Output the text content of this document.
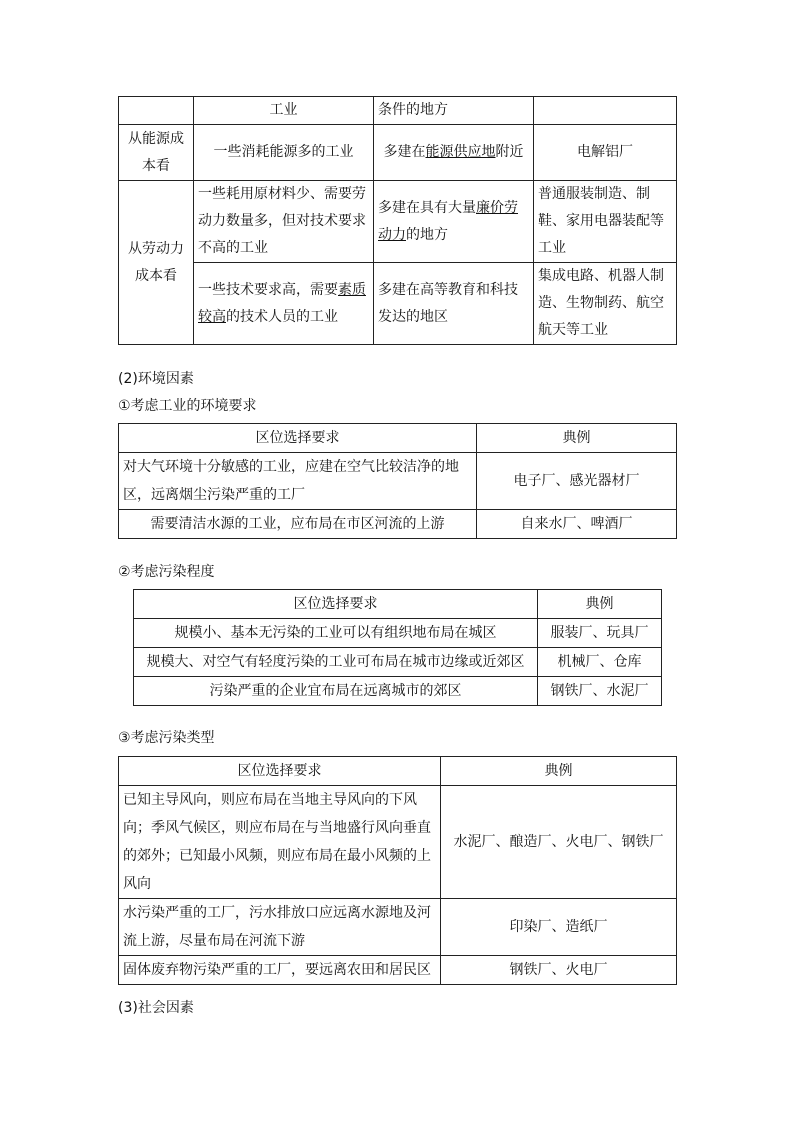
	工业	条件的地方	
从能源成本看	一些消耗能源多的工业	多建在能源供应地附近	电解铝厂
从劳动力成本看	一些耗用原材料少、需要劳动力数量多，但对技术要求不高的工业	多建在具有大量廉价劳动力的地方	普通服装制造、制鞋、家用电器装配等工业
	一些技术要求高，需要素质较高的技术人员的工业	多建在高等教育和科技发达的地区	集成电路、机器人制造、生物制药、航空航天等工业
(2)环境因素
①考虑工业的环境要求
区位选择要求	典例
对大气环境十分敏感的工业，应建在空气比较洁净的地区，远离烟尘污染严重的工厂	电子厂、感光器材厂
需要清洁水源的工业，应布局在市区河流的上游	自来水厂、啤酒厂
②考虑污染程度
区位选择要求	典例
规模小、基本无污染的工业可以有组织地布局在城区	服装厂、玩具厂
规模大、对空气有轻度污染的工业可布局在城市边缘或近郊区	机械厂、仓库
污染严重的企业宜布局在远离城市的郊区	钢铁厂、水泥厂
③考虑污染类型
区位选择要求	典例
已知主导风向，则应布局在当地主导风向的下风向；季风气候区，则应布局在与当地盛行风向垂直的郊外；已知最小风频，则应布局在最小风频的上风向	水泥厂、酿造厂、火电厂、钢铁厂
水污染严重的工厂，污水排放口应远离水源地及河流上游，尽量布局在河流下游	印染厂、造纸厂
固体废弃物污染严重的工厂，要远离农田和居民区	钢铁厂、火电厂
(3)社会因素
